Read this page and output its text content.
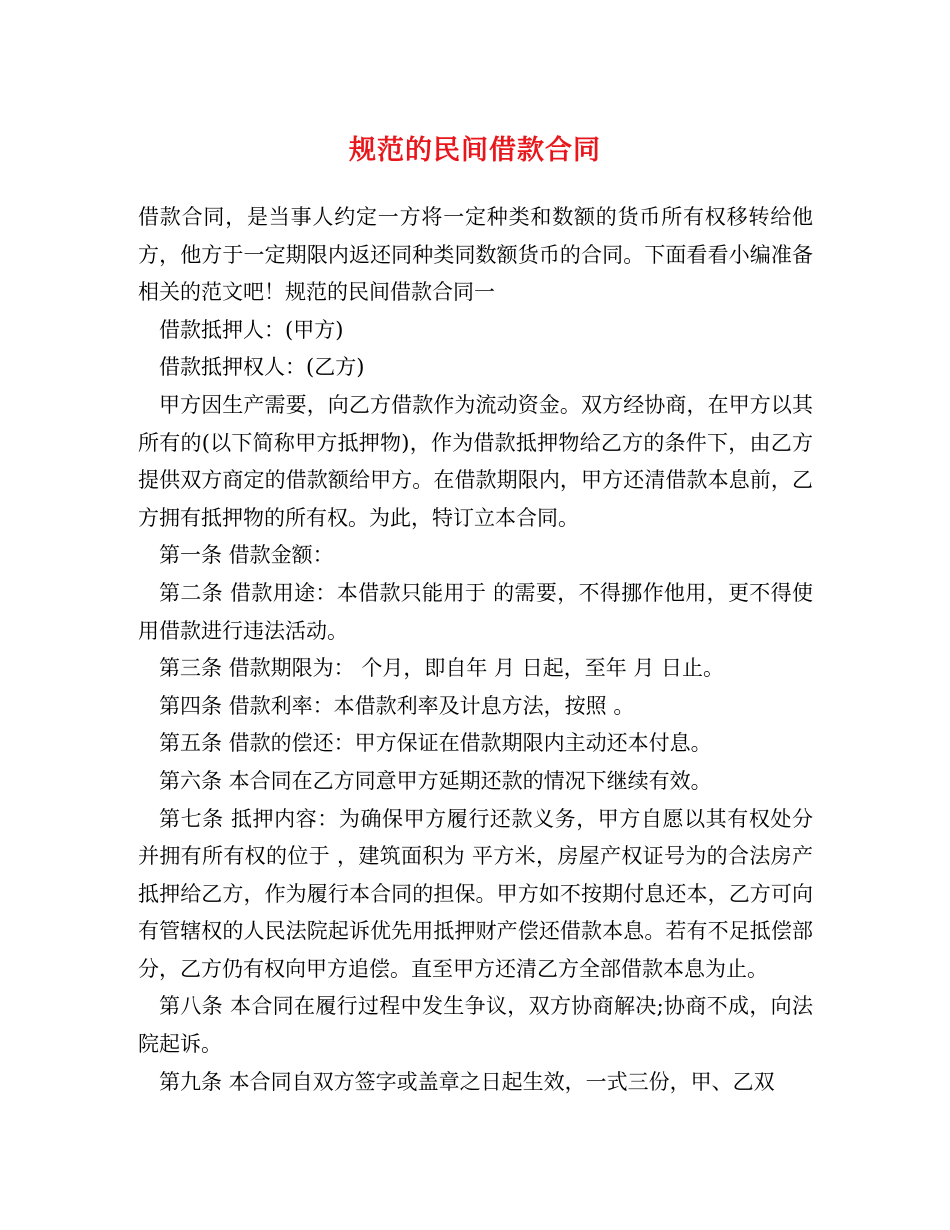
规范的民间借款合同

借款合同，是当事人约定一方将一定种类和数额的货币所有权移转给他方，他方于一定期限内返还同种类同数额货币的合同。下面看看小编准备相关的范文吧！规范的民间借款合同一

借款抵押人：(甲方)

借款抵押权人：(乙方)

甲方因生产需要，向乙方借款作为流动资金。双方经协商，在甲方以其所有的(以下简称甲方抵押物)，作为借款抵押物给乙方的条件下，由乙方提供双方商定的借款额给甲方。在借款期限内，甲方还清借款本息前，乙方拥有抵押物的所有权。为此，特订立本合同。

第一条 借款金额：

第二条 借款用途：本借款只能用于 的需要，不得挪作他用，更不得使用借款进行违法活动。

第三条 借款期限为： 个月，即自年 月 日起，至年 月 日止。

第四条 借款利率：本借款利率及计息方法，按照 。

第五条 借款的偿还：甲方保证在借款期限内主动还本付息。

第六条 本合同在乙方同意甲方延期还款的情况下继续有效。

第七条 抵押内容：为确保甲方履行还款义务，甲方自愿以其有权处分并拥有所有权的位于 ，建筑面积为 平方米，房屋产权证号为的合法房产抵押给乙方，作为履行本合同的担保。甲方如不按期付息还本，乙方可向有管辖权的人民法院起诉优先用抵押财产偿还借款本息。若有不足抵偿部分，乙方仍有权向甲方追偿。直至甲方还清乙方全部借款本息为止。

第八条 本合同在履行过程中发生争议，双方协商解决;协商不成，向法院起诉。

第九条 本合同自双方签字或盖章之日起生效，一式三份，甲、乙双
